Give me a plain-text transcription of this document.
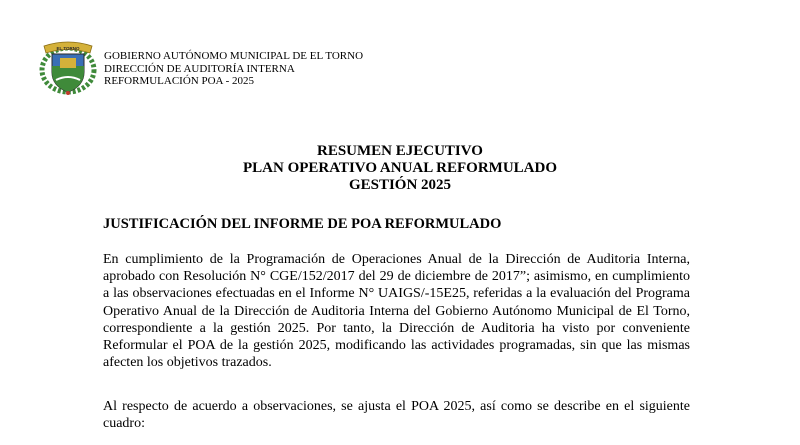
EL TORNO
GOBIERNO AUTÓNOMO MUNICIPAL DE EL TORNO
DIRECCIÓN DE AUDITORÍA INTERNA
REFORMULACIÓN POA - 2025
RESUMEN EJECUTIVO
PLAN OPERATIVO ANUAL REFORMULADO
GESTIÓN 2025
JUSTIFICACIÓN DEL INFORME DE POA REFORMULADO
En cumplimiento de la Programación de Operaciones Anual de la Dirección de Auditoria Interna, aprobado con Resolución N° CGE/152/2017 del 29 de diciembre de 2017”; asimismo, en cumplimiento a las observaciones efectuadas en el Informe N° UAIGS/-15E25, referidas a la evaluación del Programa Operativo Anual de la Dirección de Auditoria Interna del Gobierno Autónomo Municipal de El Torno, correspondiente a la gestión 2025. Por tanto, la Dirección de Auditoria ha visto por conveniente Reformular el POA de la gestión 2025, modificando las actividades programadas, sin que las mismas afecten los objetivos trazados.
Al respecto de acuerdo a observaciones, se ajusta el POA 2025, así como se describe en el siguiente cuadro:
